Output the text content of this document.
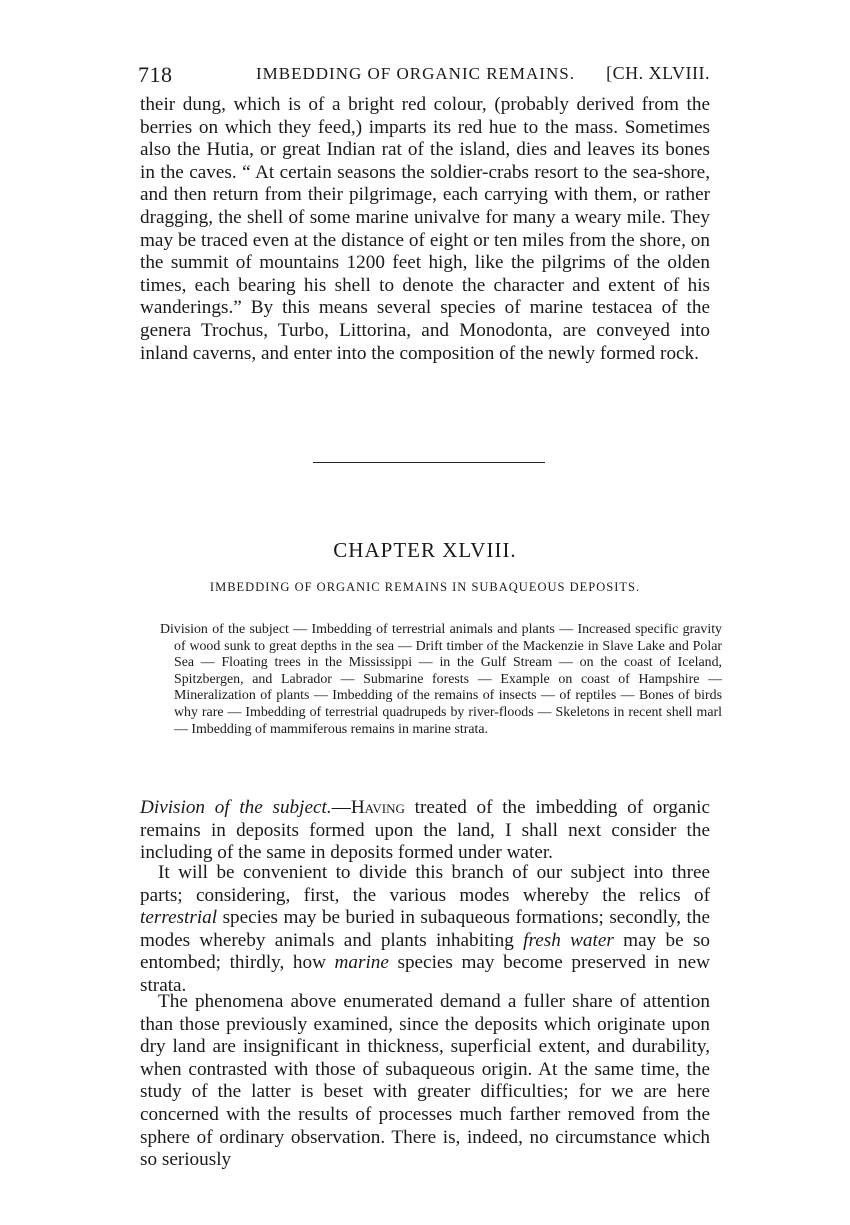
718	IMBEDDING OF ORGANIC REMAINS. [CH. XLVIII.

their dung, which is of a bright red colour, (probably derived from the berries on which they feed,) imparts its red hue to the mass. Sometimes also the Hutia, or great Indian rat of the island, dies and leaves its bones in the caves. “ At certain seasons the soldier-crabs resort to the sea-shore, and then return from their pilgrimage, each carrying with them, or rather dragging, the shell of some marine univalve for many a weary mile. They may be traced even at the distance of eight or ten miles from the shore, on the summit of mountains 1200 feet high, like the pilgrims of the olden times, each bearing his shell to denote the character and extent of his wanderings.” By this means several species of marine testacea of the genera Trochus, Turbo, Littorina, and Monodonta, are conveyed into inland caverns, and enter into the composition of the newly formed rock.

CHAPTER XLVIII.
IMBEDDING OF ORGANIC REMAINS IN SUBAQUEOUS DEPOSITS.

Division of the subject — Imbedding of terrestrial animals and plants — Increased specific gravity of wood sunk to great depths in the sea — Drift timber of the Mackenzie in Slave Lake and Polar Sea — Floating trees in the Mississippi — in the Gulf Stream — on the coast of Iceland, Spitzbergen, and Labrador — Submarine forests — Example on coast of Hampshire — Mineralization of plants — Imbedding of the remains of insects — of reptiles — Bones of birds why rare — Imbedding of terrestrial quadrupeds by river-floods — Skeletons in recent shell marl — Imbedding of mammiferous remains in marine strata.

Division of the subject.—Having treated of the imbedding of organic remains in deposits formed upon the land, I shall next consider the including of the same in deposits formed under water.

It will be convenient to divide this branch of our subject into three parts; considering, first, the various modes whereby the relics of terrestrial species may be buried in subaqueous formations; secondly, the modes whereby animals and plants inhabiting fresh water may be so entombed; thirdly, how marine species may become preserved in new strata.

The phenomena above enumerated demand a fuller share of attention than those previously examined, since the deposits which originate upon dry land are insignificant in thickness, superficial extent, and durability, when contrasted with those of subaqueous origin. At the same time, the study of the latter is beset with greater difficulties; for we are here concerned with the results of processes much farther removed from the sphere of ordinary observation. There is, indeed, no circumstance which so seriously
